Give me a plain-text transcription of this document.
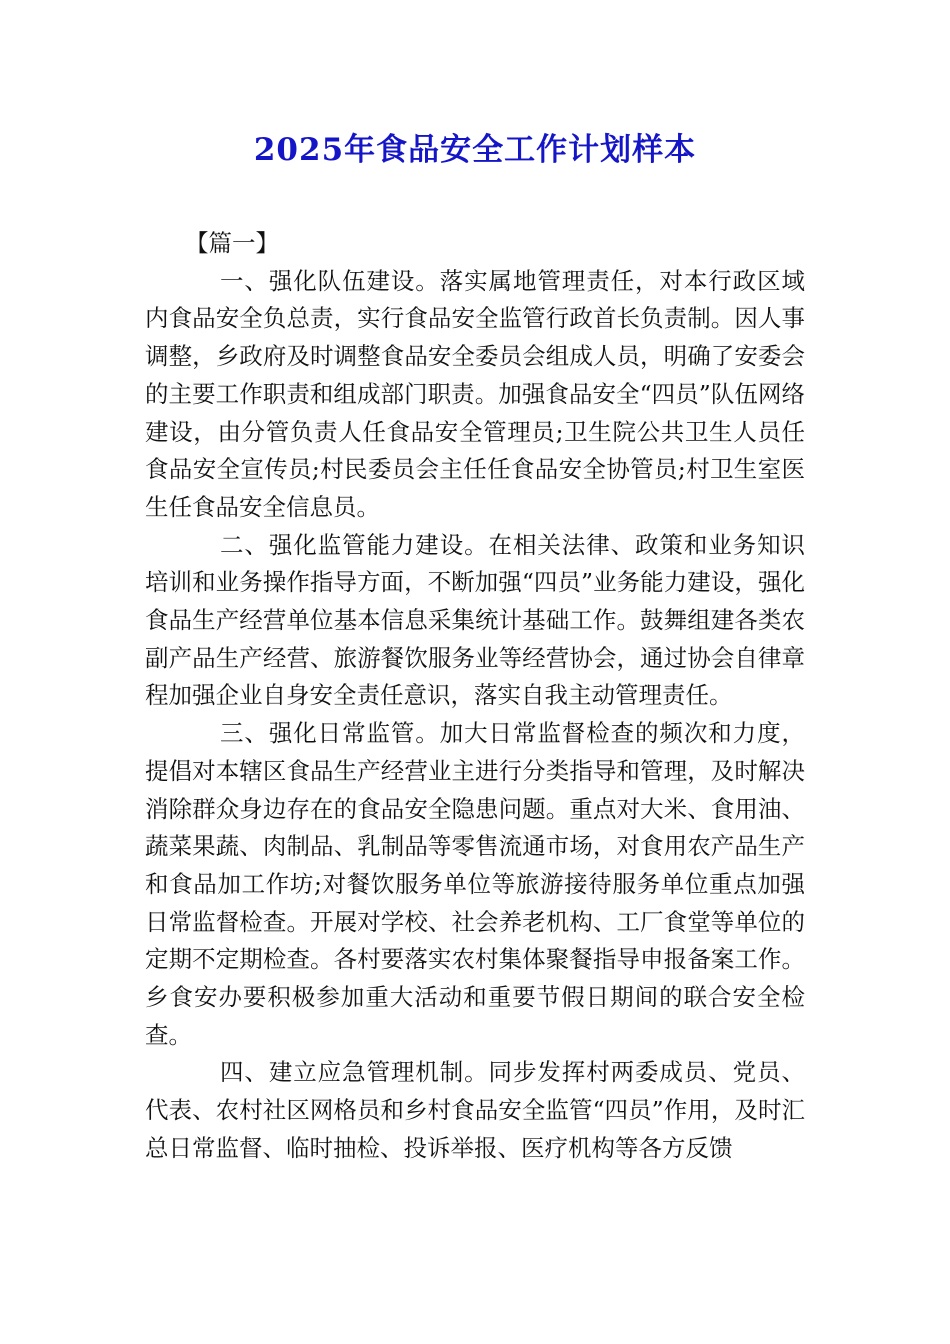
2025年食品安全工作计划样本

【篇一】

一、强化队伍建设。落实属地管理责任，对本行政区域内食品安全负总责，实行食品安全监管行政首长负责制。因人事调整，乡政府及时调整食品安全委员会组成人员，明确了安委会的主要工作职责和组成部门职责。加强食品安全“四员”队伍网络建设，由分管负责人任食品安全管理员;卫生院公共卫生人员任食品安全宣传员;村民委员会主任任食品安全协管员;村卫生室医生任食品安全信息员。

二、强化监管能力建设。在相关法律、政策和业务知识培训和业务操作指导方面，不断加强“四员”业务能力建设，强化食品生产经营单位基本信息采集统计基础工作。鼓舞组建各类农副产品生产经营、旅游餐饮服务业等经营协会，通过协会自律章程加强企业自身安全责任意识，落实自我主动管理责任。

三、强化日常监管。加大日常监督检查的频次和力度，提倡对本辖区食品生产经营业主进行分类指导和管理，及时解决消除群众身边存在的食品安全隐患问题。重点对大米、食用油、蔬菜果蔬、肉制品、乳制品等零售流通市场，对食用农产品生产和食品加工作坊;对餐饮服务单位等旅游接待服务单位重点加强日常监督检查。开展对学校、社会养老机构、工厂食堂等单位的定期不定期检查。各村要落实农村集体聚餐指导申报备案工作。乡食安办要积极参加重大活动和重要节假日期间的联合安全检查。

四、建立应急管理机制。同步发挥村两委成员、党员、代表、农村社区网格员和乡村食品安全监管“四员”作用，及时汇总日常监督、临时抽检、投诉举报、医疗机构等各方反馈
